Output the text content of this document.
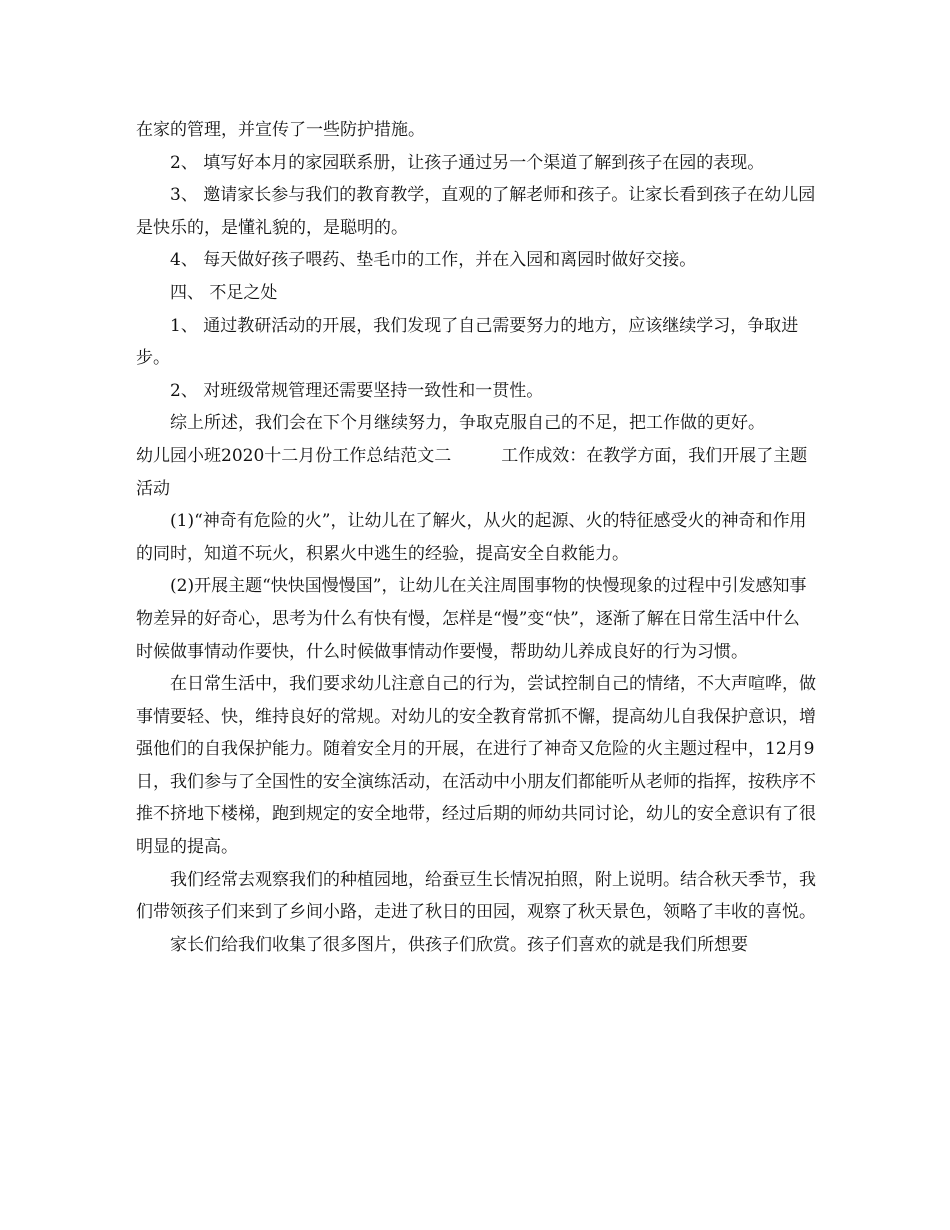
在家的管理，并宣传了一些防护措施。

2、 填写好本月的家园联系册，让孩子通过另一个渠道了解到孩子在园的表现。

3、 邀请家长参与我们的教育教学，直观的了解老师和孩子。让家长看到孩子在幼儿园是快乐的，是懂礼貌的，是聪明的。

4、 每天做好孩子喂药、垫毛巾的工作，并在入园和离园时做好交接。

四、 不足之处

1、 通过教研活动的开展，我们发现了自己需要努力的地方，应该继续学习，争取进步。

2、 对班级常规管理还需要坚持一致性和一贯性。

综上所述，我们会在下个月继续努力，争取克服自己的不足，把工作做的更好。

幼儿园小班2020十二月份工作总结范文二	工作成效：在教学方面，我们开展了主题活动

(1)“神奇有危险的火”，让幼儿在了解火，从火的起源、火的特征感受火的神奇和作用的同时，知道不玩火，积累火中逃生的经验，提高安全自救能力。

(2)开展主题“快快国慢慢国”，让幼儿在关注周围事物的快慢现象的过程中引发感知事物差异的好奇心，思考为什么有快有慢，怎样是“慢”变“快”，逐渐了解在日常生活中什么时候做事情动作要快，什么时候做事情动作要慢，帮助幼儿养成良好的行为习惯。

在日常生活中，我们要求幼儿注意自己的行为，尝试控制自己的情绪，不大声喧哗，做事情要轻、快，维持良好的常规。对幼儿的安全教育常抓不懈，提高幼儿自我保护意识，增强他们的自我保护能力。随着安全月的开展，在进行了神奇又危险的火主题过程中，12月9日，我们参与了全国性的安全演练活动，在活动中小朋友们都能听从老师的指挥，按秩序不推不挤地下楼梯，跑到规定的安全地带，经过后期的师幼共同讨论，幼儿的安全意识有了很明显的提高。

我们经常去观察我们的种植园地，给蚕豆生长情况拍照，附上说明。结合秋天季节，我们带领孩子们来到了乡间小路，走进了秋日的田园，观察了秋天景色，领略了丰收的喜悦。

家长们给我们收集了很多图片，供孩子们欣赏。孩子们喜欢的就是我们所想要
